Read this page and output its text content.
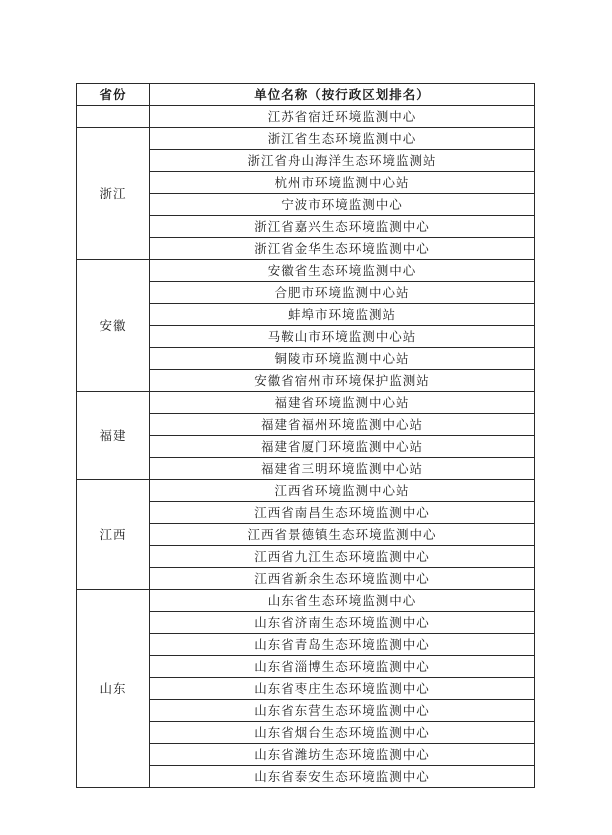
省份	单位名称（按行政区划排名）
	江苏省宿迁环境监测中心
浙江	浙江省生态环境监测中心
	浙江省舟山海洋生态环境监测站
	杭州市环境监测中心站
	宁波市环境监测中心
	浙江省嘉兴生态环境监测中心
	浙江省金华生态环境监测中心
安徽	安徽省生态环境监测中心
	合肥市环境监测中心站
	蚌埠市环境监测站
	马鞍山市环境监测中心站
	铜陵市环境监测中心站
	安徽省宿州市环境保护监测站
福建	福建省环境监测中心站
	福建省福州环境监测中心站
	福建省厦门环境监测中心站
	福建省三明环境监测中心站
江西	江西省环境监测中心站
	江西省南昌生态环境监测中心
	江西省景德镇生态环境监测中心
	江西省九江生态环境监测中心
	江西省新余生态环境监测中心
山东	山东省生态环境监测中心
	山东省济南生态环境监测中心
	山东省青岛生态环境监测中心
	山东省淄博生态环境监测中心
	山东省枣庄生态环境监测中心
	山东省东营生态环境监测中心
	山东省烟台生态环境监测中心
	山东省潍坊生态环境监测中心
	山东省泰安生态环境监测中心
